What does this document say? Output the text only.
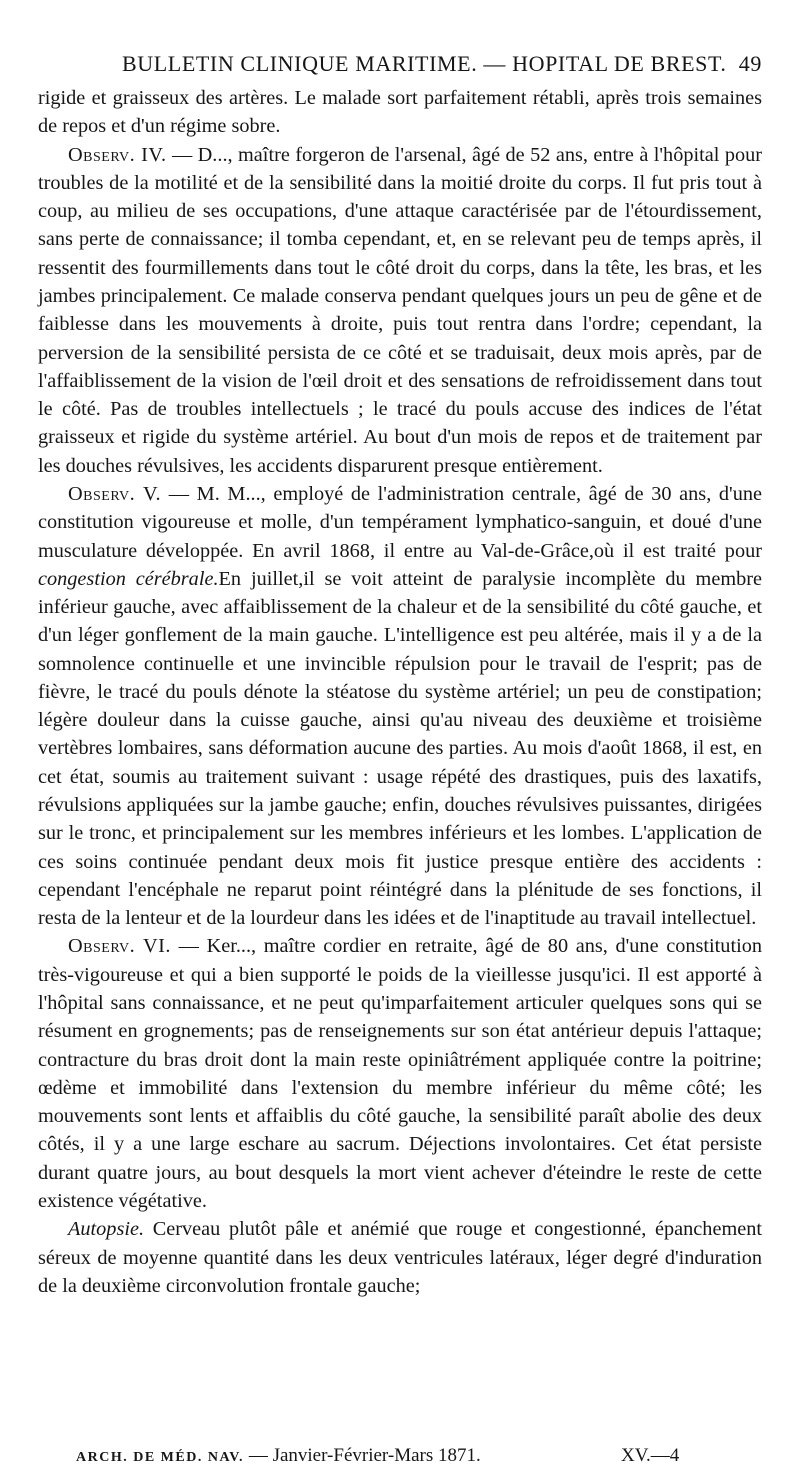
BULLETIN CLINIQUE MARITIME. — HOPITAL DE BREST. 49

rigide et graisseux des artères. Le malade sort parfaitement rétabli, après trois semaines de repos et d'un régime sobre.

Observ. IV. — D..., maître forgeron de l'arsenal, âgé de 52 ans, entre à l'hôpital pour troubles de la motilité et de la sensibilité dans la moitié droite du corps. Il fut pris tout à coup, au milieu de ses occupations, d'une attaque caractérisée par de l'étourdissement, sans perte de connaissance; il tomba cependant, et, en se relevant peu de temps après, il ressentit des fourmillements dans tout le côté droit du corps, dans la tête, les bras, et les jambes principalement. Ce malade conserva pendant quelques jours un peu de gêne et de faiblesse dans les mouvements à droite, puis tout rentra dans l'ordre; cependant, la perversion de la sensibilité persista de ce côté et se traduisait, deux mois après, par de l'affaiblissement de la vision de l'œil droit et des sensations de refroidissement dans tout le côté. Pas de troubles intellectuels ; le tracé du pouls accuse des indices de l'état graisseux et rigide du système artériel. Au bout d'un mois de repos et de traitement par les douches révulsives, les accidents disparurent presque entièrement.

Observ. V. — M. M..., employé de l'administration centrale, âgé de 30 ans, d'une constitution vigoureuse et molle, d'un tempérament lymphatico-sanguin, et doué d'une musculature développée. En avril 1868, il entre au Val-de-Grâce,où il est traité pour congestion cérébrale.En juillet,il se voit atteint de paralysie incomplète du membre inférieur gauche, avec affaiblissement de la chaleur et de la sensibilité du côté gauche, et d'un léger gonflement de la main gauche. L'intelligence est peu altérée, mais il y a de la somnolence continuelle et une invincible répulsion pour le travail de l'esprit; pas de fièvre, le tracé du pouls dénote la stéatose du système artériel; un peu de constipation; légère douleur dans la cuisse gauche, ainsi qu'au niveau des deuxième et troisième vertèbres lombaires, sans déformation aucune des parties. Au mois d'août 1868, il est, en cet état, soumis au traitement suivant : usage répété des drastiques, puis des laxatifs, révulsions appliquées sur la jambe gauche; enfin, douches révulsives puissantes, dirigées sur le tronc, et principalement sur les membres inférieurs et les lombes. L'application de ces soins continuée pendant deux mois fit justice presque entière des accidents : cependant l'encéphale ne reparut point réintégré dans la plénitude de ses fonctions, il resta de la lenteur et de la lourdeur dans les idées et de l'inaptitude au travail intellectuel.

Observ. VI. — Ker..., maître cordier en retraite, âgé de 80 ans, d'une constitution très-vigoureuse et qui a bien supporté le poids de la vieillesse jusqu'ici. Il est apporté à l'hôpital sans connaissance, et ne peut qu'imparfaitement articuler quelques sons qui se résument en grognements; pas de renseignements sur son état antérieur depuis l'attaque; contracture du bras droit dont la main reste opiniâtrément appliquée contre la poitrine; œdème et immobilité dans l'extension du membre inférieur du même côté; les mouvements sont lents et affaiblis du côté gauche, la sensibilité paraît abolie des deux côtés, il y a une large eschare au sacrum. Déjections involontaires. Cet état persiste durant quatre jours, au bout desquels la mort vient achever d'éteindre le reste de cette existence végétative.

Autopsie. Cerveau plutôt pâle et anémié que rouge et congestionné, épanchement séreux de moyenne quantité dans les deux ventricules latéraux, léger degré d'induration de la deuxième circonvolution frontale gauche;

ARCH. DE MÉD. NAV. — Janvier-Février-Mars 1871.	XV.—4
